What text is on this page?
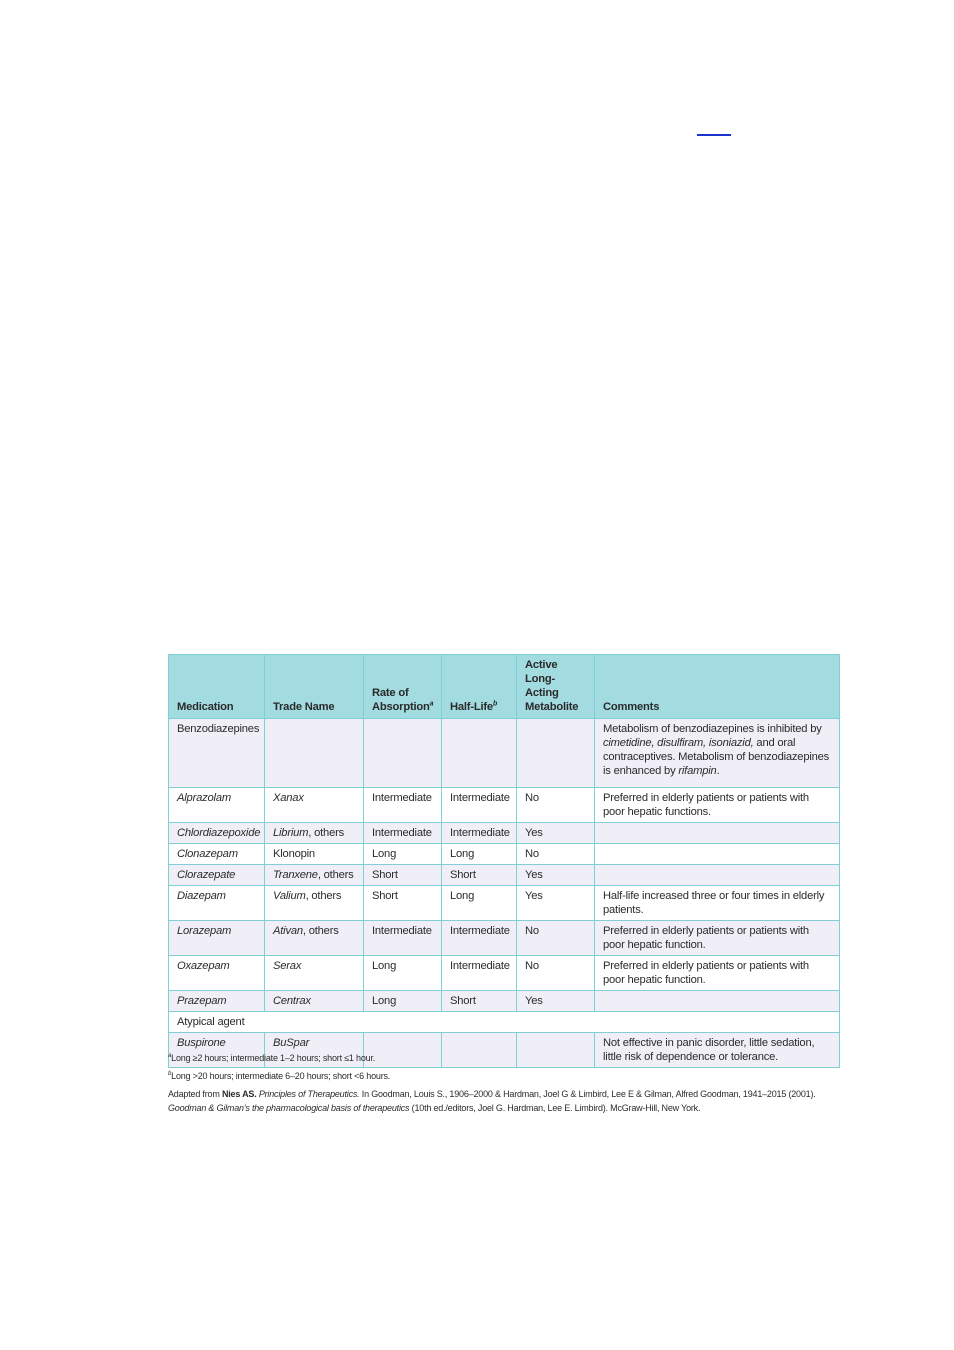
Medication	Trade Name	Rate of Absorption$^a$	Half-Life$^b$	Active Long-Acting Metabolite	Comments
Benzodiazepines					Metabolism of benzodiazepines is inhibited by cimetidine, disulfiram, isoniazid, and oral contraceptives. Metabolism of benzodiazepines is enhanced by rifampin.
Alprazolam	Xanax	Intermediate	Intermediate	No	Preferred in elderly patients or patients with poor hepatic functions.
Chlordiazepoxide	Librium, others	Intermediate	Intermediate	Yes	
Clonazepam	Klonopin	Long	Long	No	
Clorazepate	Tranxene, others	Short	Short	Yes	
Diazepam	Valium, others	Short	Long	Yes	Half-life increased three or four times in elderly patients.
Lorazepam	Ativan, others	Intermediate	Intermediate	No	Preferred in elderly patients or patients with poor hepatic function.
Oxazepam	Serax	Long	Intermediate	No	Preferred in elderly patients or patients with poor hepatic function.
Prazepam	Centrax	Long	Short	Yes	
Atypical agent					
Buspirone	BuSpar				Not effective in panic disorder, little sedation, little risk of dependence or tolerance.

$^a$Long ≥2 hours; intermediate 1–2 hours; short ≤1 hour.

$^b$Long >20 hours; intermediate 6–20 hours; short <6 hours.

Adapted from Nies AS. Principles of Therapeutics. In Goodman, Louis S., 1906–2000 & Hardman, Joel G & Limbird, Lee E & Gilman, Alfred Goodman, 1941–2015 (2001). Goodman & Gilman's the pharmacological basis of therapeutics (10th ed./editors, Joel G. Hardman, Lee E. Limbird). McGraw-Hill, New York.
